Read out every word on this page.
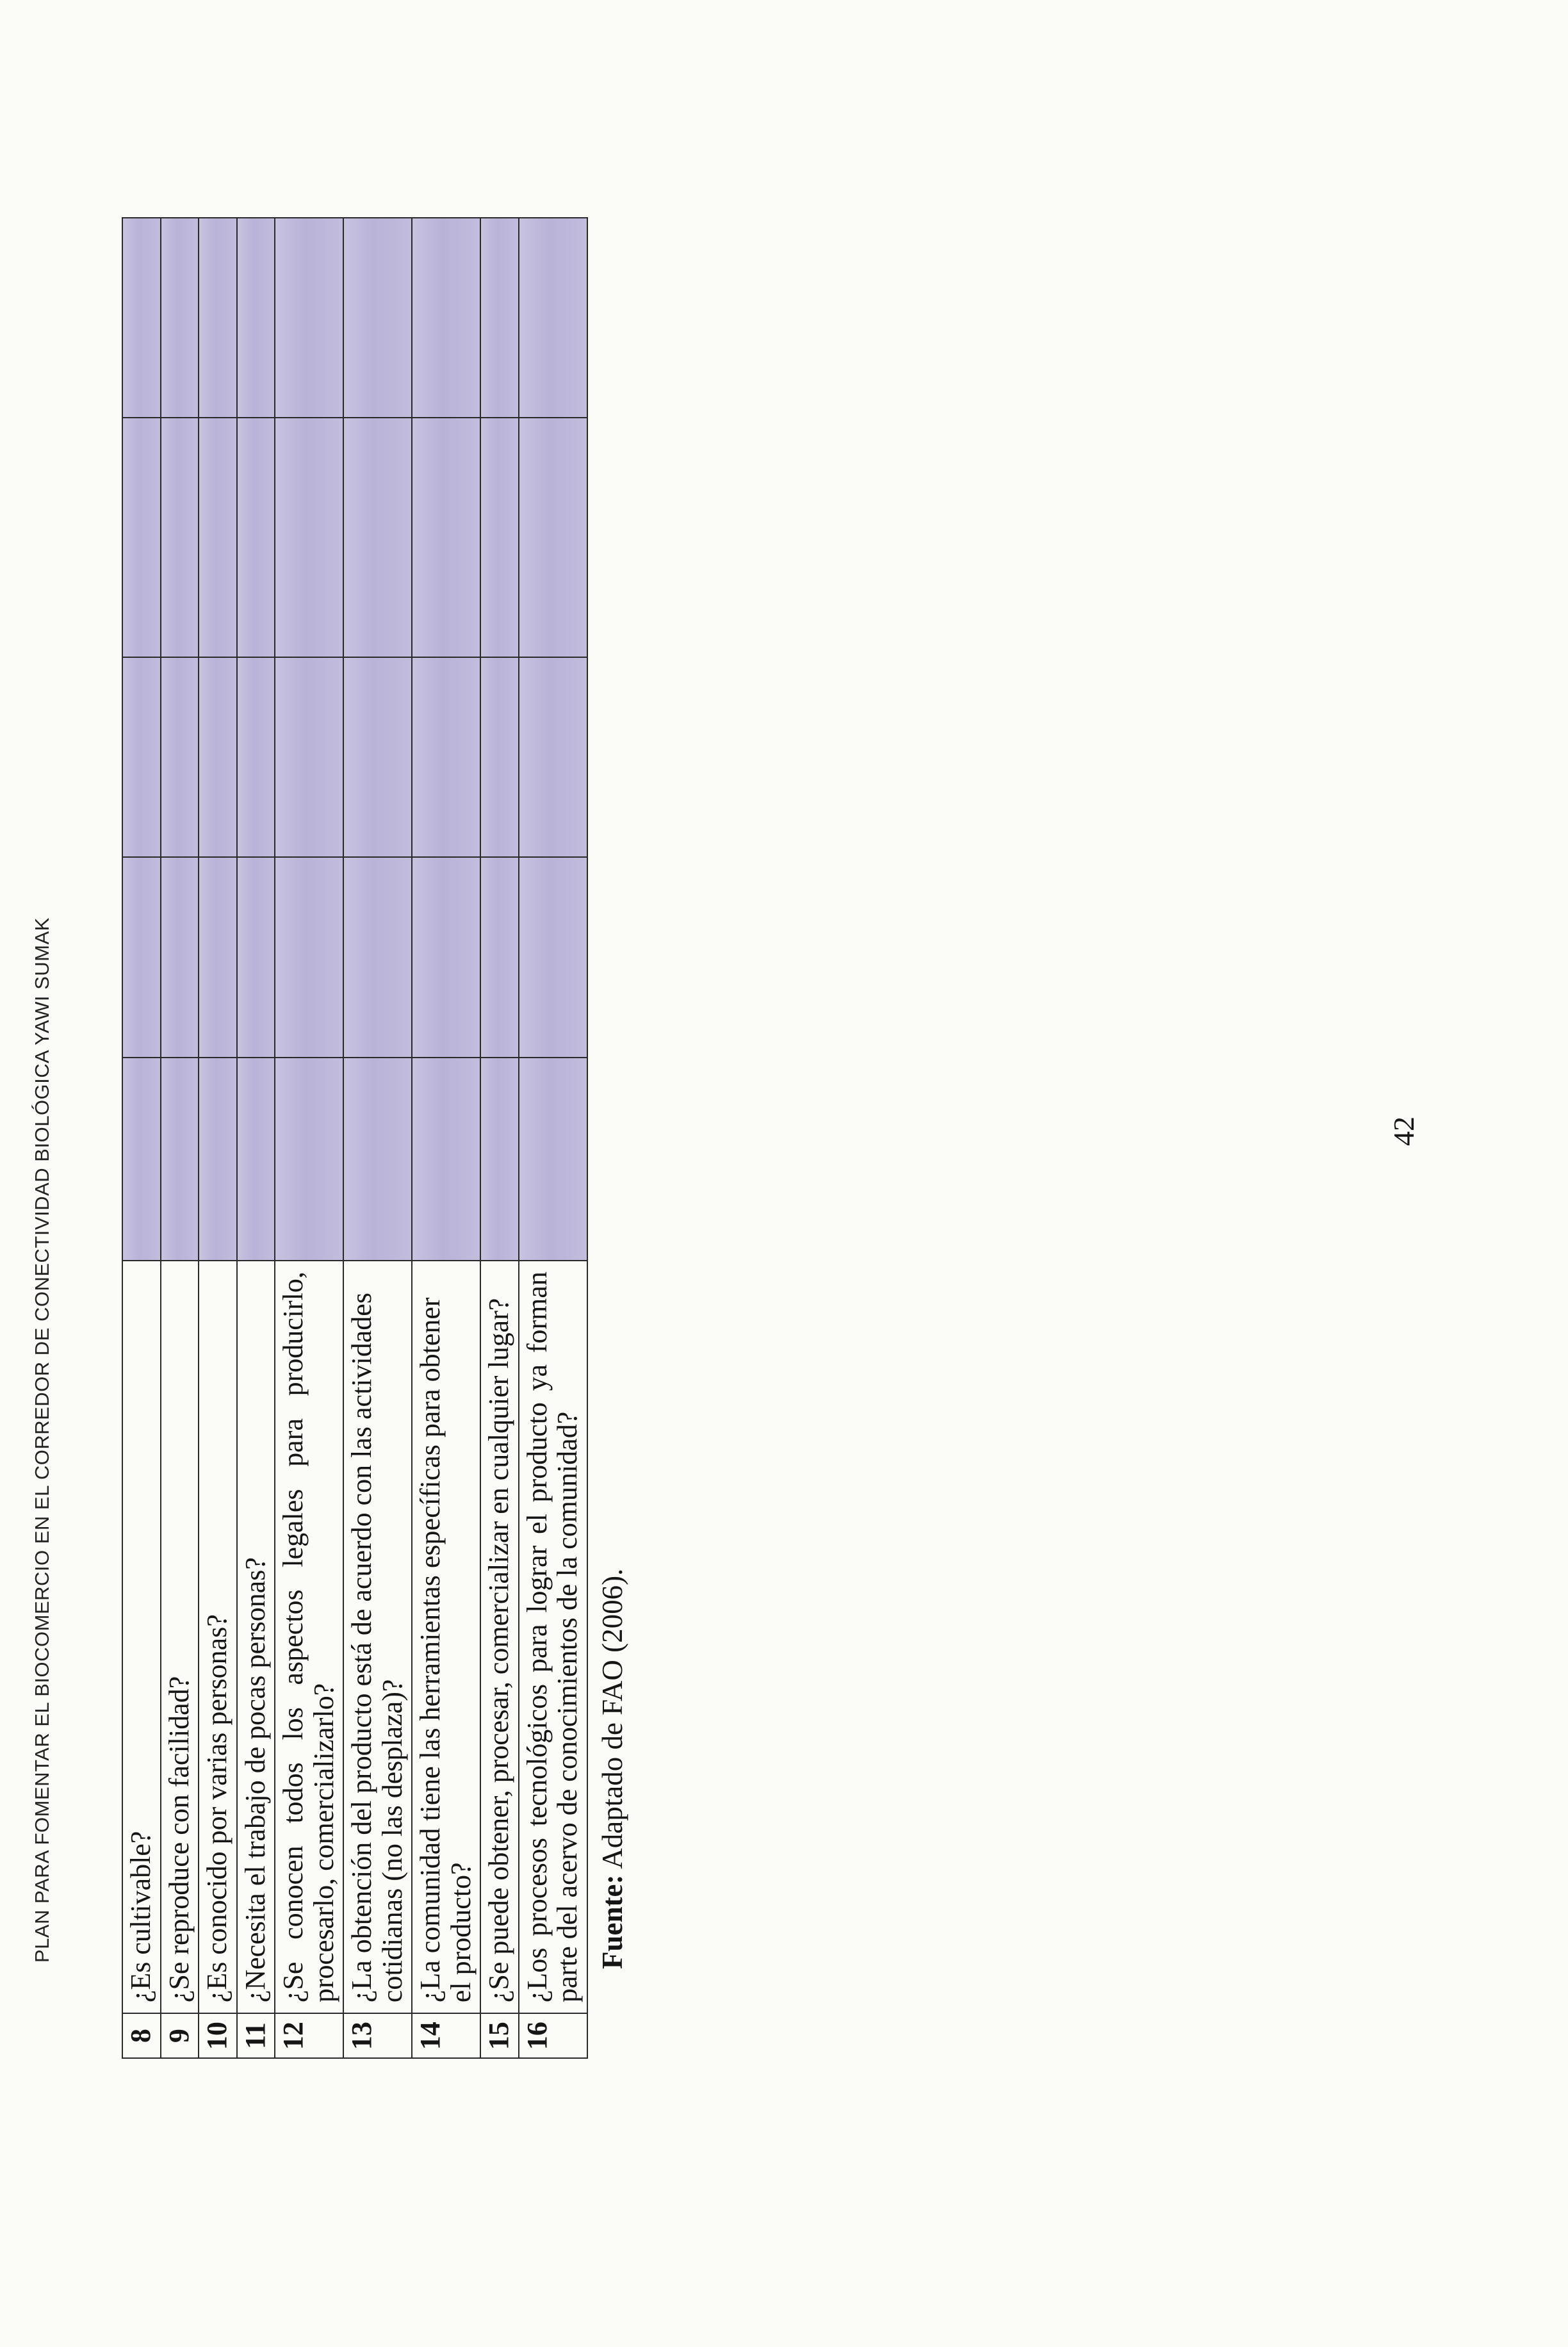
PLAN PARA FOMENTAR EL BIOCOMERCIO EN EL CORREDOR DE CONECTIVIDAD BIOLÓGICA YAWI SUMAK
8	¿Es cultivable?					
9	¿Se reproduce con facilidad?					
10	¿Es conocido por varias personas?					
11	¿Necesita el trabajo de pocas personas?					
12	¿Se conocen todos los aspectos legales para producirlo, procesarlo, comercializarlo?					
13	¿La obtención del producto está de acuerdo con las actividades cotidianas (no las desplaza)?					
14	¿La comunidad tiene las herramientas específicas para obtener el producto?					
15	¿Se puede obtener, procesar, comercializar en cualquier lugar?					
16	¿Los procesos tecnológicos para lograr el producto ya forman parte del acervo de conocimientos de la comunidad?					Fuente: Adaptado de FAO (2006).
42
